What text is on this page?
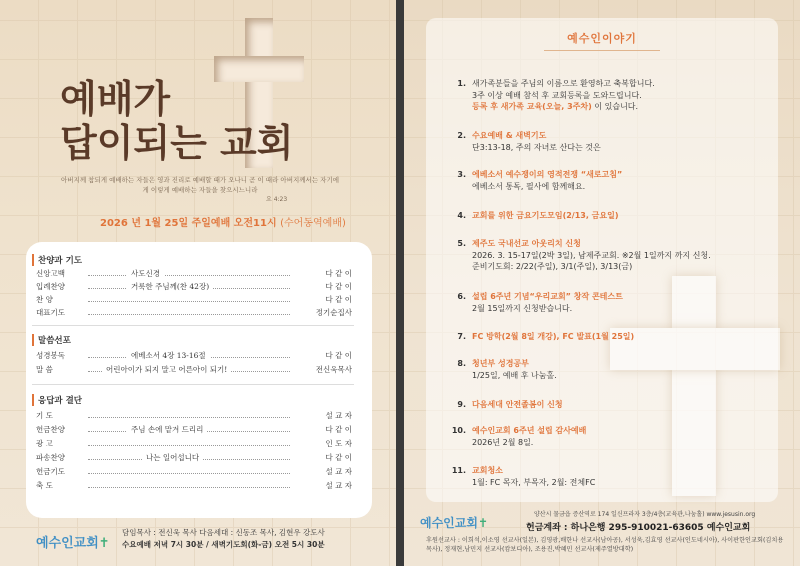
예배가
답이되는 교회
아버지께 참되게 예배하는 자들은 영과 진리로 예배할 때가 오나니 곧 이 때라 아버지께서는 자기에게 이렇게 예배하는 자들을 찾으시느니라
요 4:23
2026 년 1월 25일 주일예배 오전11시 (수어동역예배)
찬양과 기도
신앙고백	사도신경	다 같 이
입례찬양	거룩한 주님께(찬 42장)	다 같 이
찬 양	다 같 이
대표기도	정기순집사
말씀선포
성경봉독	에베소서 4장 13-16절	다 같 이
말 씀	어린아이가 되지 말고 어른아이 되기!	전신욱목사
응답과 결단
기 도	설 교 자
헌금찬양	주님 손에 맡겨 드리리	다 같 이
광 고	인 도 자
파송찬양	나는 일어섭니다	다 같 이
헌금기도	설 교 자
축 도	설 교 자
예수인교회✝
담임목사 : 전신욱 목사 다음세대 : 신동조 목사, 김현우 강도사
수요예배 저녁 7시 30분 / 새벽기도회(화-금) 오전 5시 30분
예수인이야기
1. 새가족분들을 주님의 이름으로 환영하고 축복합니다.
3주 이상 예배 참석 후 교회등록을 도와드립니다.
등록 후 새가족 교육(오늘, 3주차) 이 있습니다.
2. 수요예배 & 새벽기도
단3:13-18, 주의 자녀로 산다는 것은
3. 에베소서 예수쟁이의 영적전쟁 “새로고침”
에베소서 통독, 필사에 함께해요.
4. 교회를 위한 금요기도모임(2/13, 금요일)
5. 제주도 국내선교 아웃리치 신청
2026. 3. 15-17일(2박 3일), 남제주교회. ※2월 1일까지 까지 신청.
준비기도회: 2/22(주일), 3/1(주일), 3/13(금)
6. 설립 6주년 기념“우리교회” 창작 콘테스트
2월 15일까지 신청받습니다.
7. FC 방학(2월 8일 개강), FC 발표(1월 25일)
8. 청년부 성경공부
1/25일, 예배 후 나눔홀.
9. 다음세대 안전졸봄이 신청
10. 예수인교회 6주년 설립 감사예배
2026년 2월 8일.
11. 교회청소
1월: FC 목자, 부목자, 2월: 전체FC
예수인교회✝
양산시 물금읍 증산역로 174 일신프라자 3층/4층(교육관,나눔홀) www.jesusin.org
헌금계좌 : 하나은행 295-910021-63605 예수인교회
후원선교사 : 이희석,이소영 선교사(일본), 김영광,배한나 선교사(남아공), 서성욱,김효영 선교사(인도네시아), 사이판한인교회(김치용 목사), 정재현,남민지 선교사(캄보디아), 조용진,박혜민 선교사(제주열방대학)
